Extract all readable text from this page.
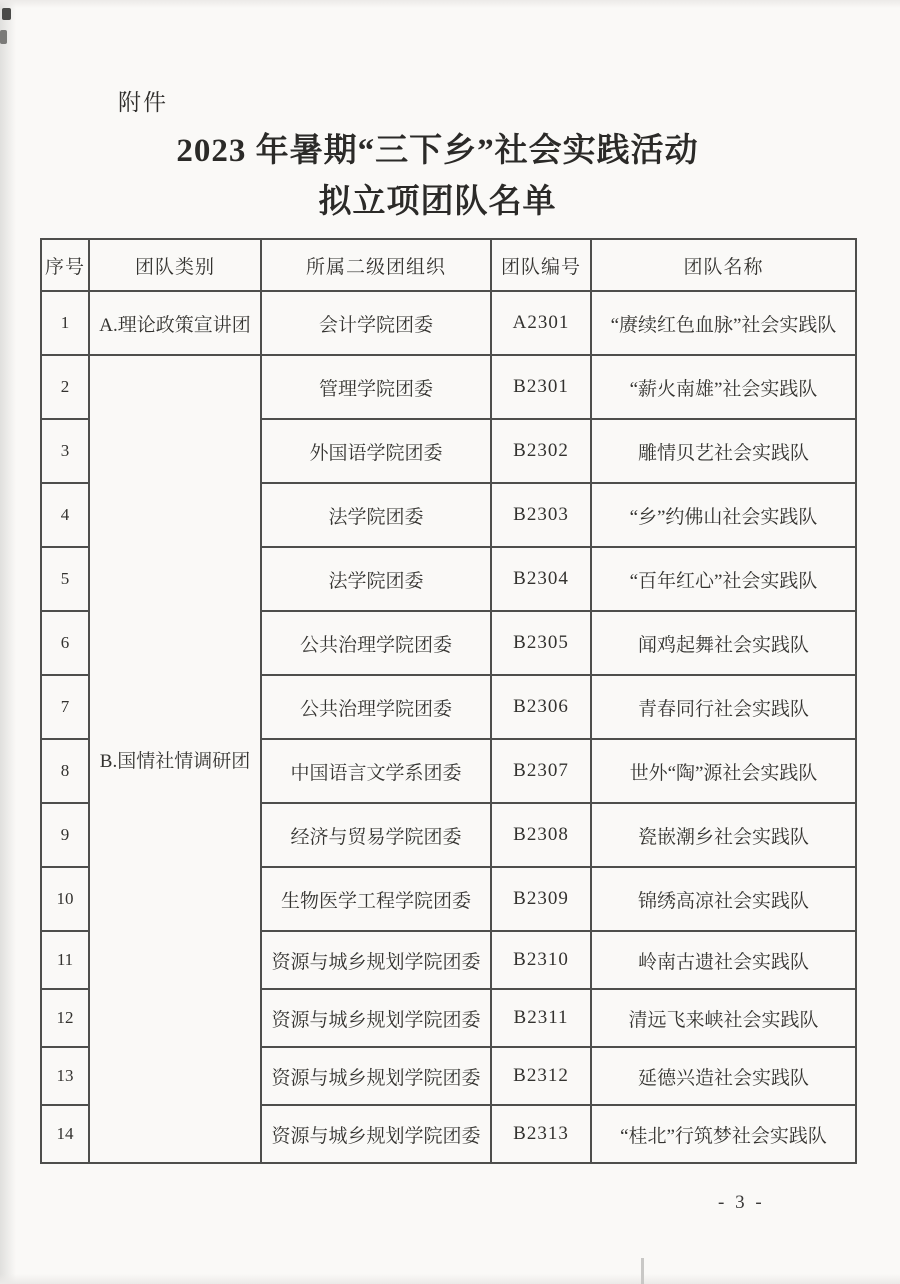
附件
2023 年暑期“三下乡”社会实践活动
拟立项团队名单
序号	团队类别	所属二级团组织	团队编号	团队名称
1	A.理论政策宣讲团	会计学院团委	A2301	“赓续红色血脉”社会实践队
2	B.国情社情调研团	管理学院团委	B2301	“薪火南雄”社会实践队
3		外国语学院团委	B2302	雕情贝艺社会实践队
4		法学院团委	B2303	“乡”约佛山社会实践队
5		法学院团委	B2304	“百年红心”社会实践队
6		公共治理学院团委	B2305	闻鸡起舞社会实践队
7		公共治理学院团委	B2306	青春同行社会实践队
8		中国语言文学系团委	B2307	世外“陶”源社会实践队
9		经济与贸易学院团委	B2308	瓷嵌潮乡社会实践队
10		生物医学工程学院团委	B2309	锦绣高凉社会实践队
11		资源与城乡规划学院团委	B2310	岭南古遗社会实践队
12		资源与城乡规划学院团委	B2311	清远飞来峡社会实践队
13		资源与城乡规划学院团委	B2312	延德兴造社会实践队
14		资源与城乡规划学院团委	B2313	“桂北”行筑梦社会实践队
- 3 -
